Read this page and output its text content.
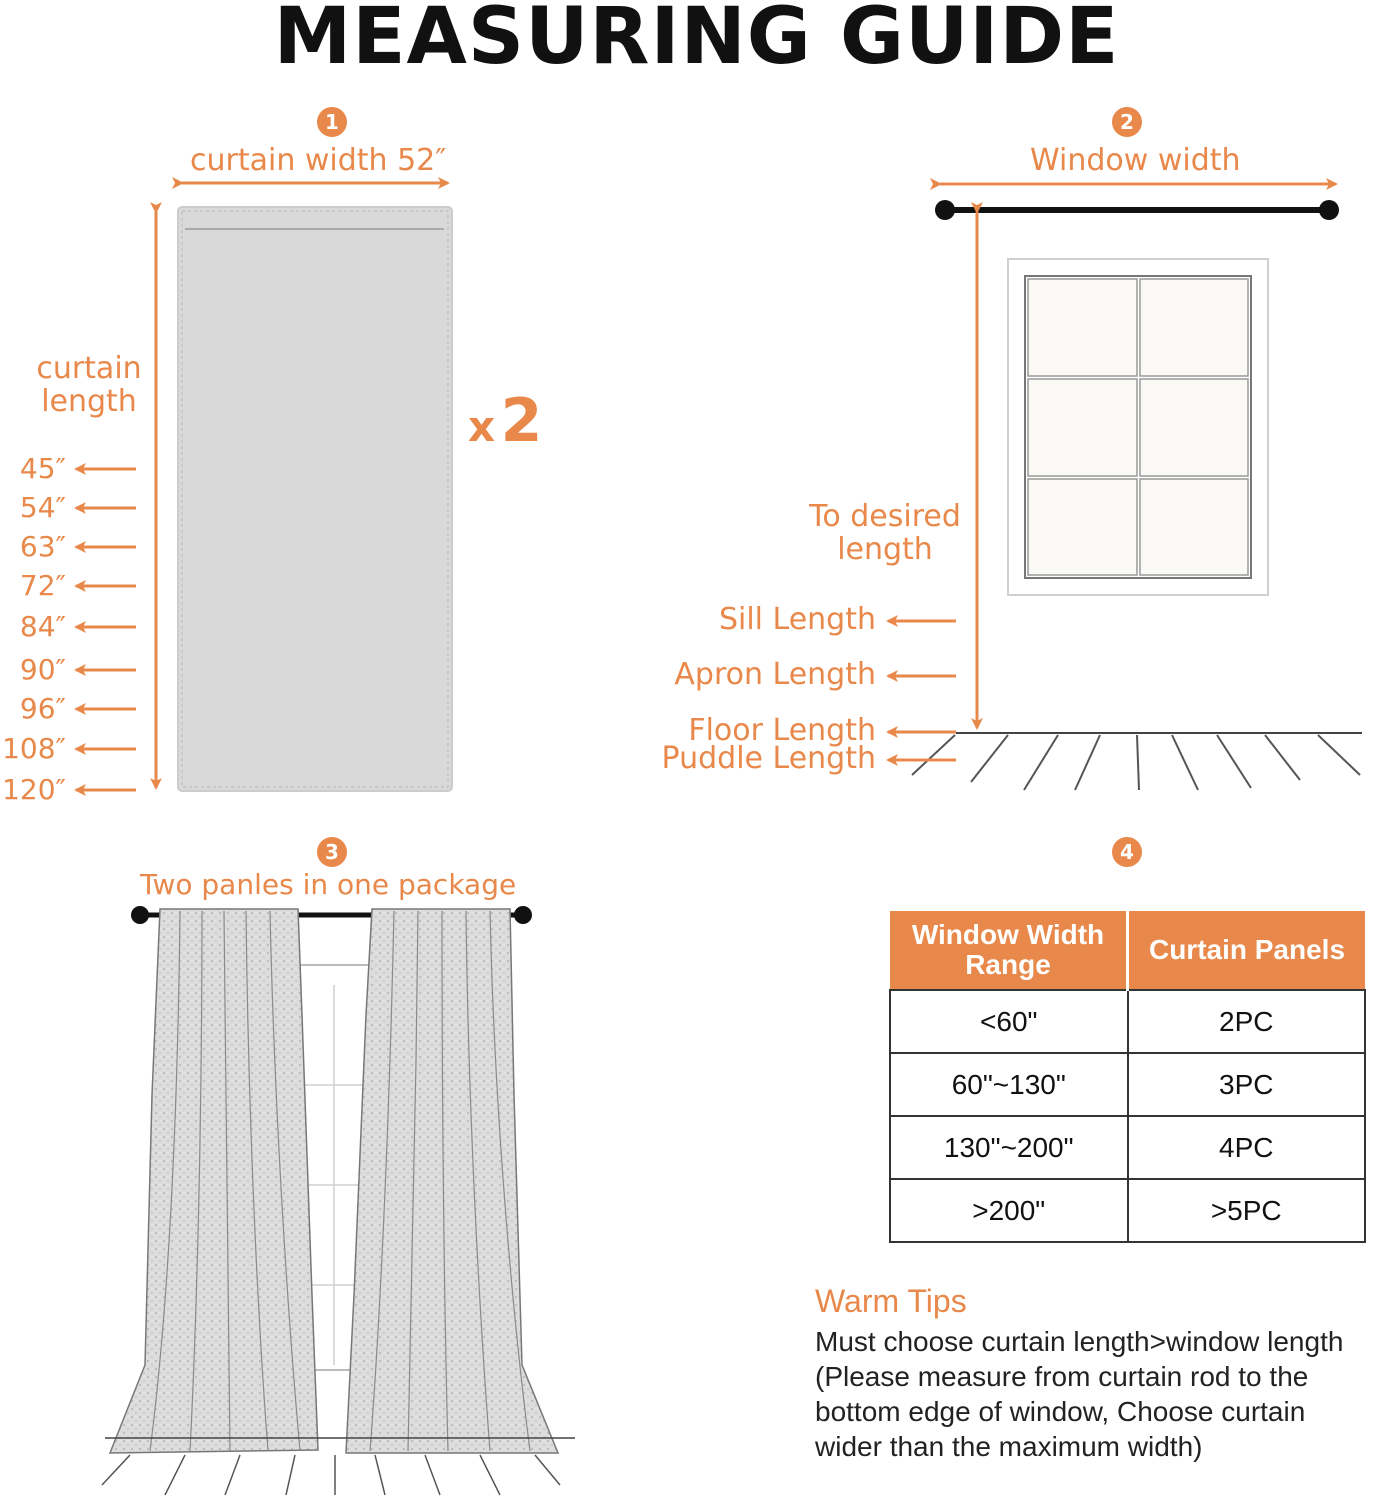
MEASURING GUIDE
1
curtain width 52″
curtain
length
x 2
45″
54″
63″
72″
84″
90″
96″
108″
120″
2
Window width
To desired
length
Sill Length
Apron Length
Floor Length
Puddle Length
3
Two panles in one package
4
Window Width Range	Curtain Panels
<60"	2PC
60"~130"	3PC
130"~200"	4PC
>200"	>5PC
Warm Tips
Must choose curtain length>window length
(Please measure from curtain rod to the
bottom edge of window, Choose curtain
wider than the maximum width)
